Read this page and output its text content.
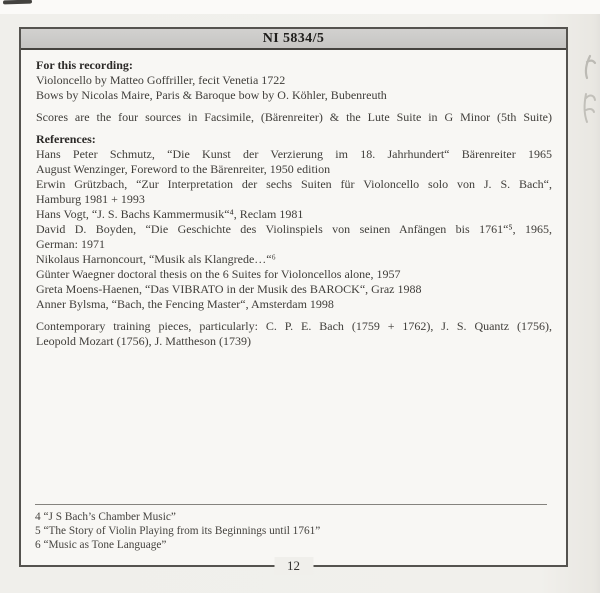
NI 5834/5

For this recording:

Violoncello by Matteo Goffriller, fecit Venetia 1722
Bows by Nicolas Maire, Paris & Baroque bow by O. Köhler, Bubenreuth
Scores are the four sources in Facsimile, (Bärenreiter) & the Lute Suite in G Minor (5th Suite)

References:

Hans Peter Schmutz, “Die Kunst der Verzierung im 18. Jahrhundert“ Bärenreiter 1965
August Wenzinger, Foreword to the Bärenreiter, 1950 edition
Erwin Grützbach, “Zur Interpretation der sechs Suiten für Violoncello solo von J. S. Bach“,
Hamburg 1981 + 1993
Hans Vogt, “J. S. Bachs Kammermusik“⁴, Reclam 1981
David D. Boyden, “Die Geschichte des Violinspiels von seinen Anfängen bis 1761“⁵, 1965,
German: 1971
Nikolaus Harnoncourt, “Musik als Klangrede…“⁶
Günter Waegner doctoral thesis on the 6 Suites for Violoncellos alone, 1957
Greta Moens-Haenen, “Das VIBRATO in der Musik des BAROCK“, Graz 1988
Anner Bylsma, “Bach, the Fencing Master“, Amsterdam 1998
Contemporary training pieces, particularly: C. P. E. Bach (1759 + 1762), J. S. Quantz (1756),
Leopold Mozart (1756), J. Mattheson (1739)
4 “J S Bach’s Chamber Music”
5 “The Story of Violin Playing from its Beginnings until 1761”
6 “Music as Tone Language”
12
